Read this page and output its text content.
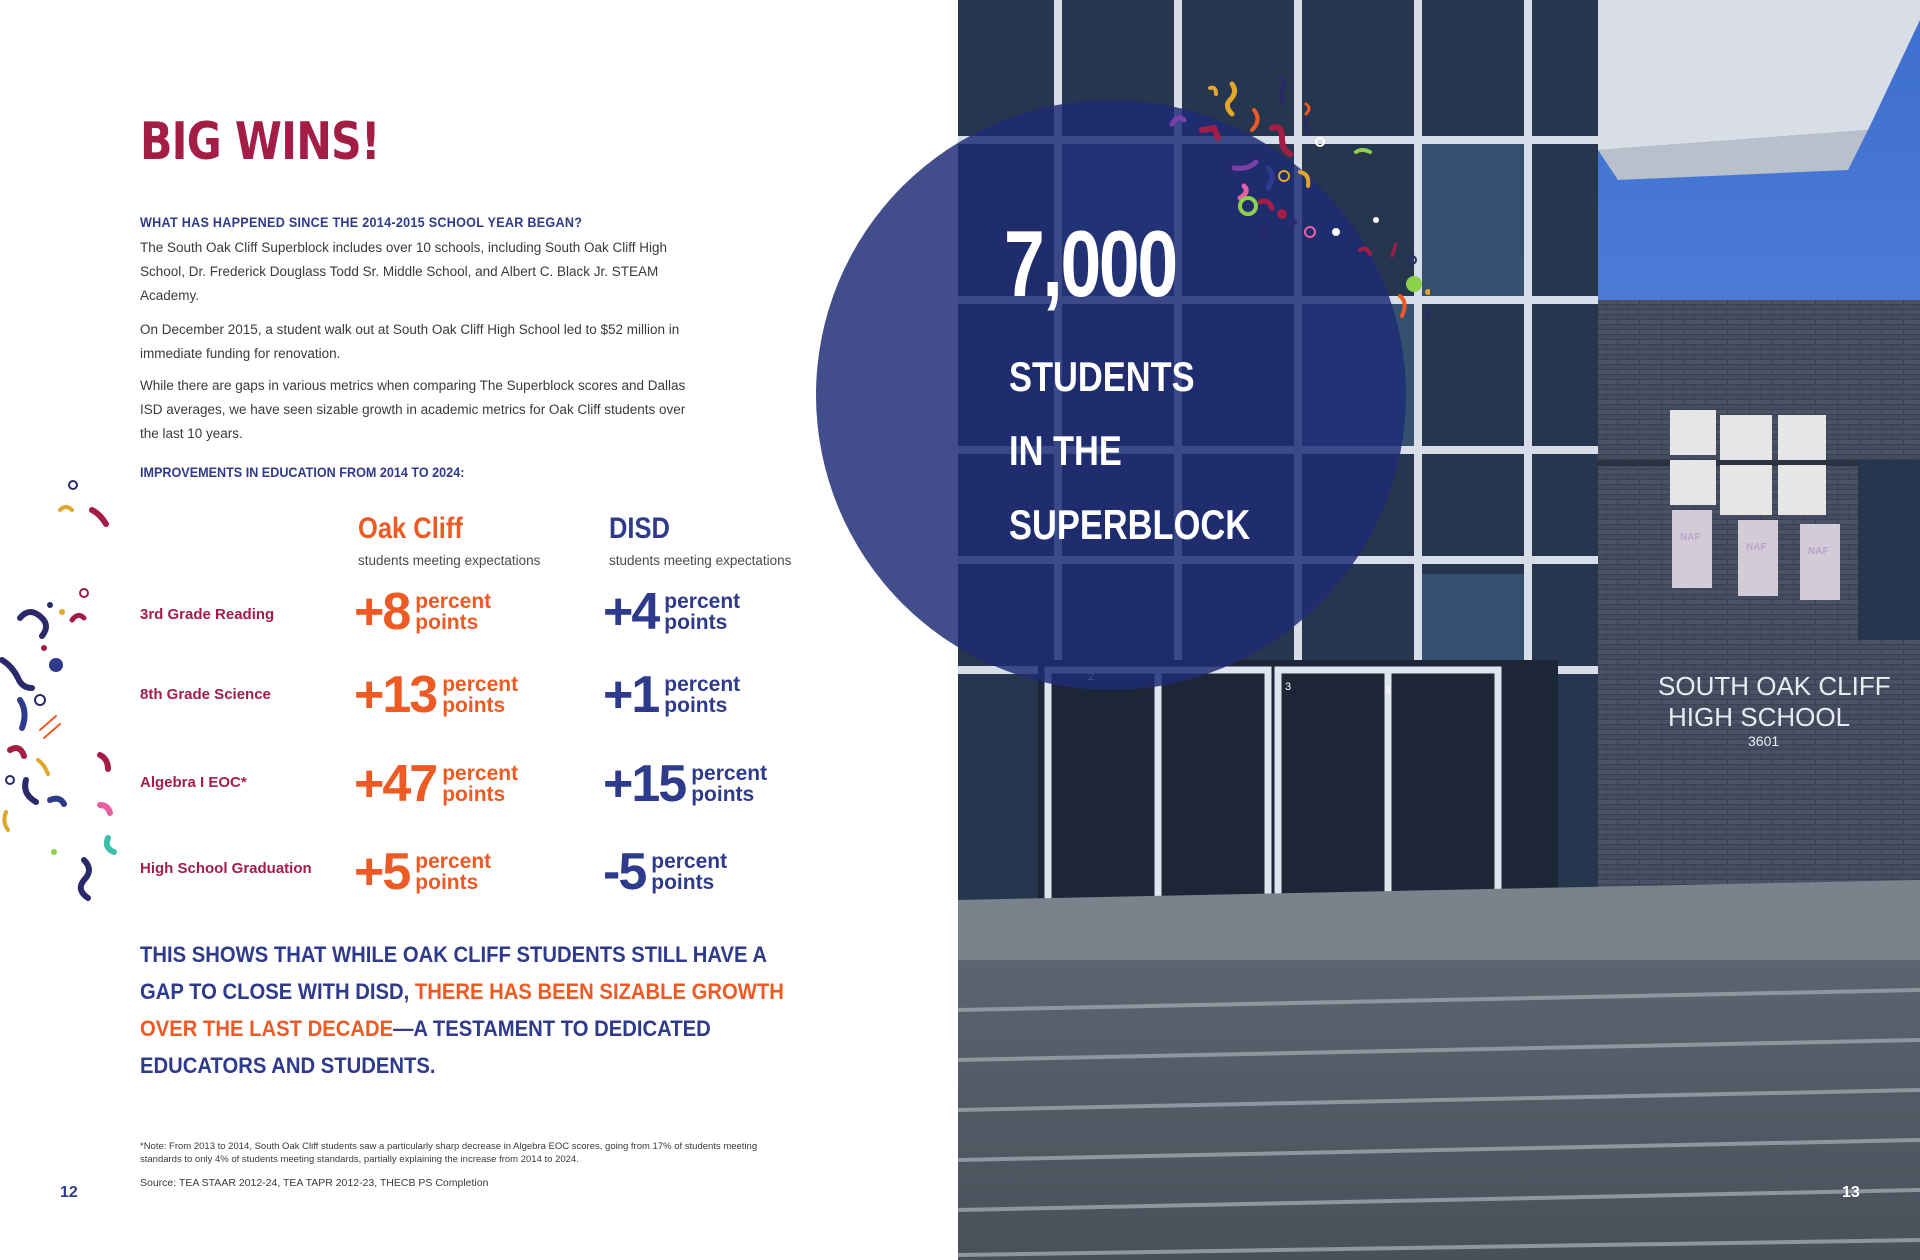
BIG WINS!
WHAT HAS HAPPENED SINCE THE 2014-2015 SCHOOL YEAR BEGAN?

The South Oak Cliff Superblock includes over 10 schools, including South Oak Cliff High School, Dr. Frederick Douglass Todd Sr. Middle School, and Albert C. Black Jr. STEAM Academy.

On December 2015, a student walk out at South Oak Cliff High School led to $52 million in immediate funding for renovation.

While there are gaps in various metrics when comparing The Superblock scores and Dallas ISD averages, we have seen sizable growth in academic metrics for Oak Cliff students over the last 10 years.

IMPROVEMENTS IN EDUCATION FROM 2014 TO 2024:
Oak Cliff
students meeting expectations
DISD
students meeting expectations
3rd Grade Reading +8 percent
points +4 percent
points
8th Grade Science +13 percent
points +1 percent
points
Algebra I EOC* +47 percent
points +15 percent
points
High School Graduation +5 percent
points -5 percent
points

THIS SHOWS THAT WHILE OAK CLIFF STUDENTS STILL HAVE A GAP TO CLOSE WITH DISD, THERE HAS BEEN SIZABLE GROWTH OVER THE LAST DECADE—A TESTAMENT TO DEDICATED EDUCATORS AND STUDENTS.

*Note: From 2013 to 2014, South Oak Cliff students saw a particularly sharp decrease in Algebra EOC scores, going from 17% of students meeting standards to only 4% of students meeting standards, partially explaining the increase from 2014 to 2024.

Source: TEA STAAR 2012-24, TEA TAPR 2012-23, THECB PS Completion
12
3	4
NAF
NAF	NAF
SOUTH OAK CLIFF
HIGH SCHOOL
3601
13
7,000
STUDENTS
IN THE
SUPERBLOCK
